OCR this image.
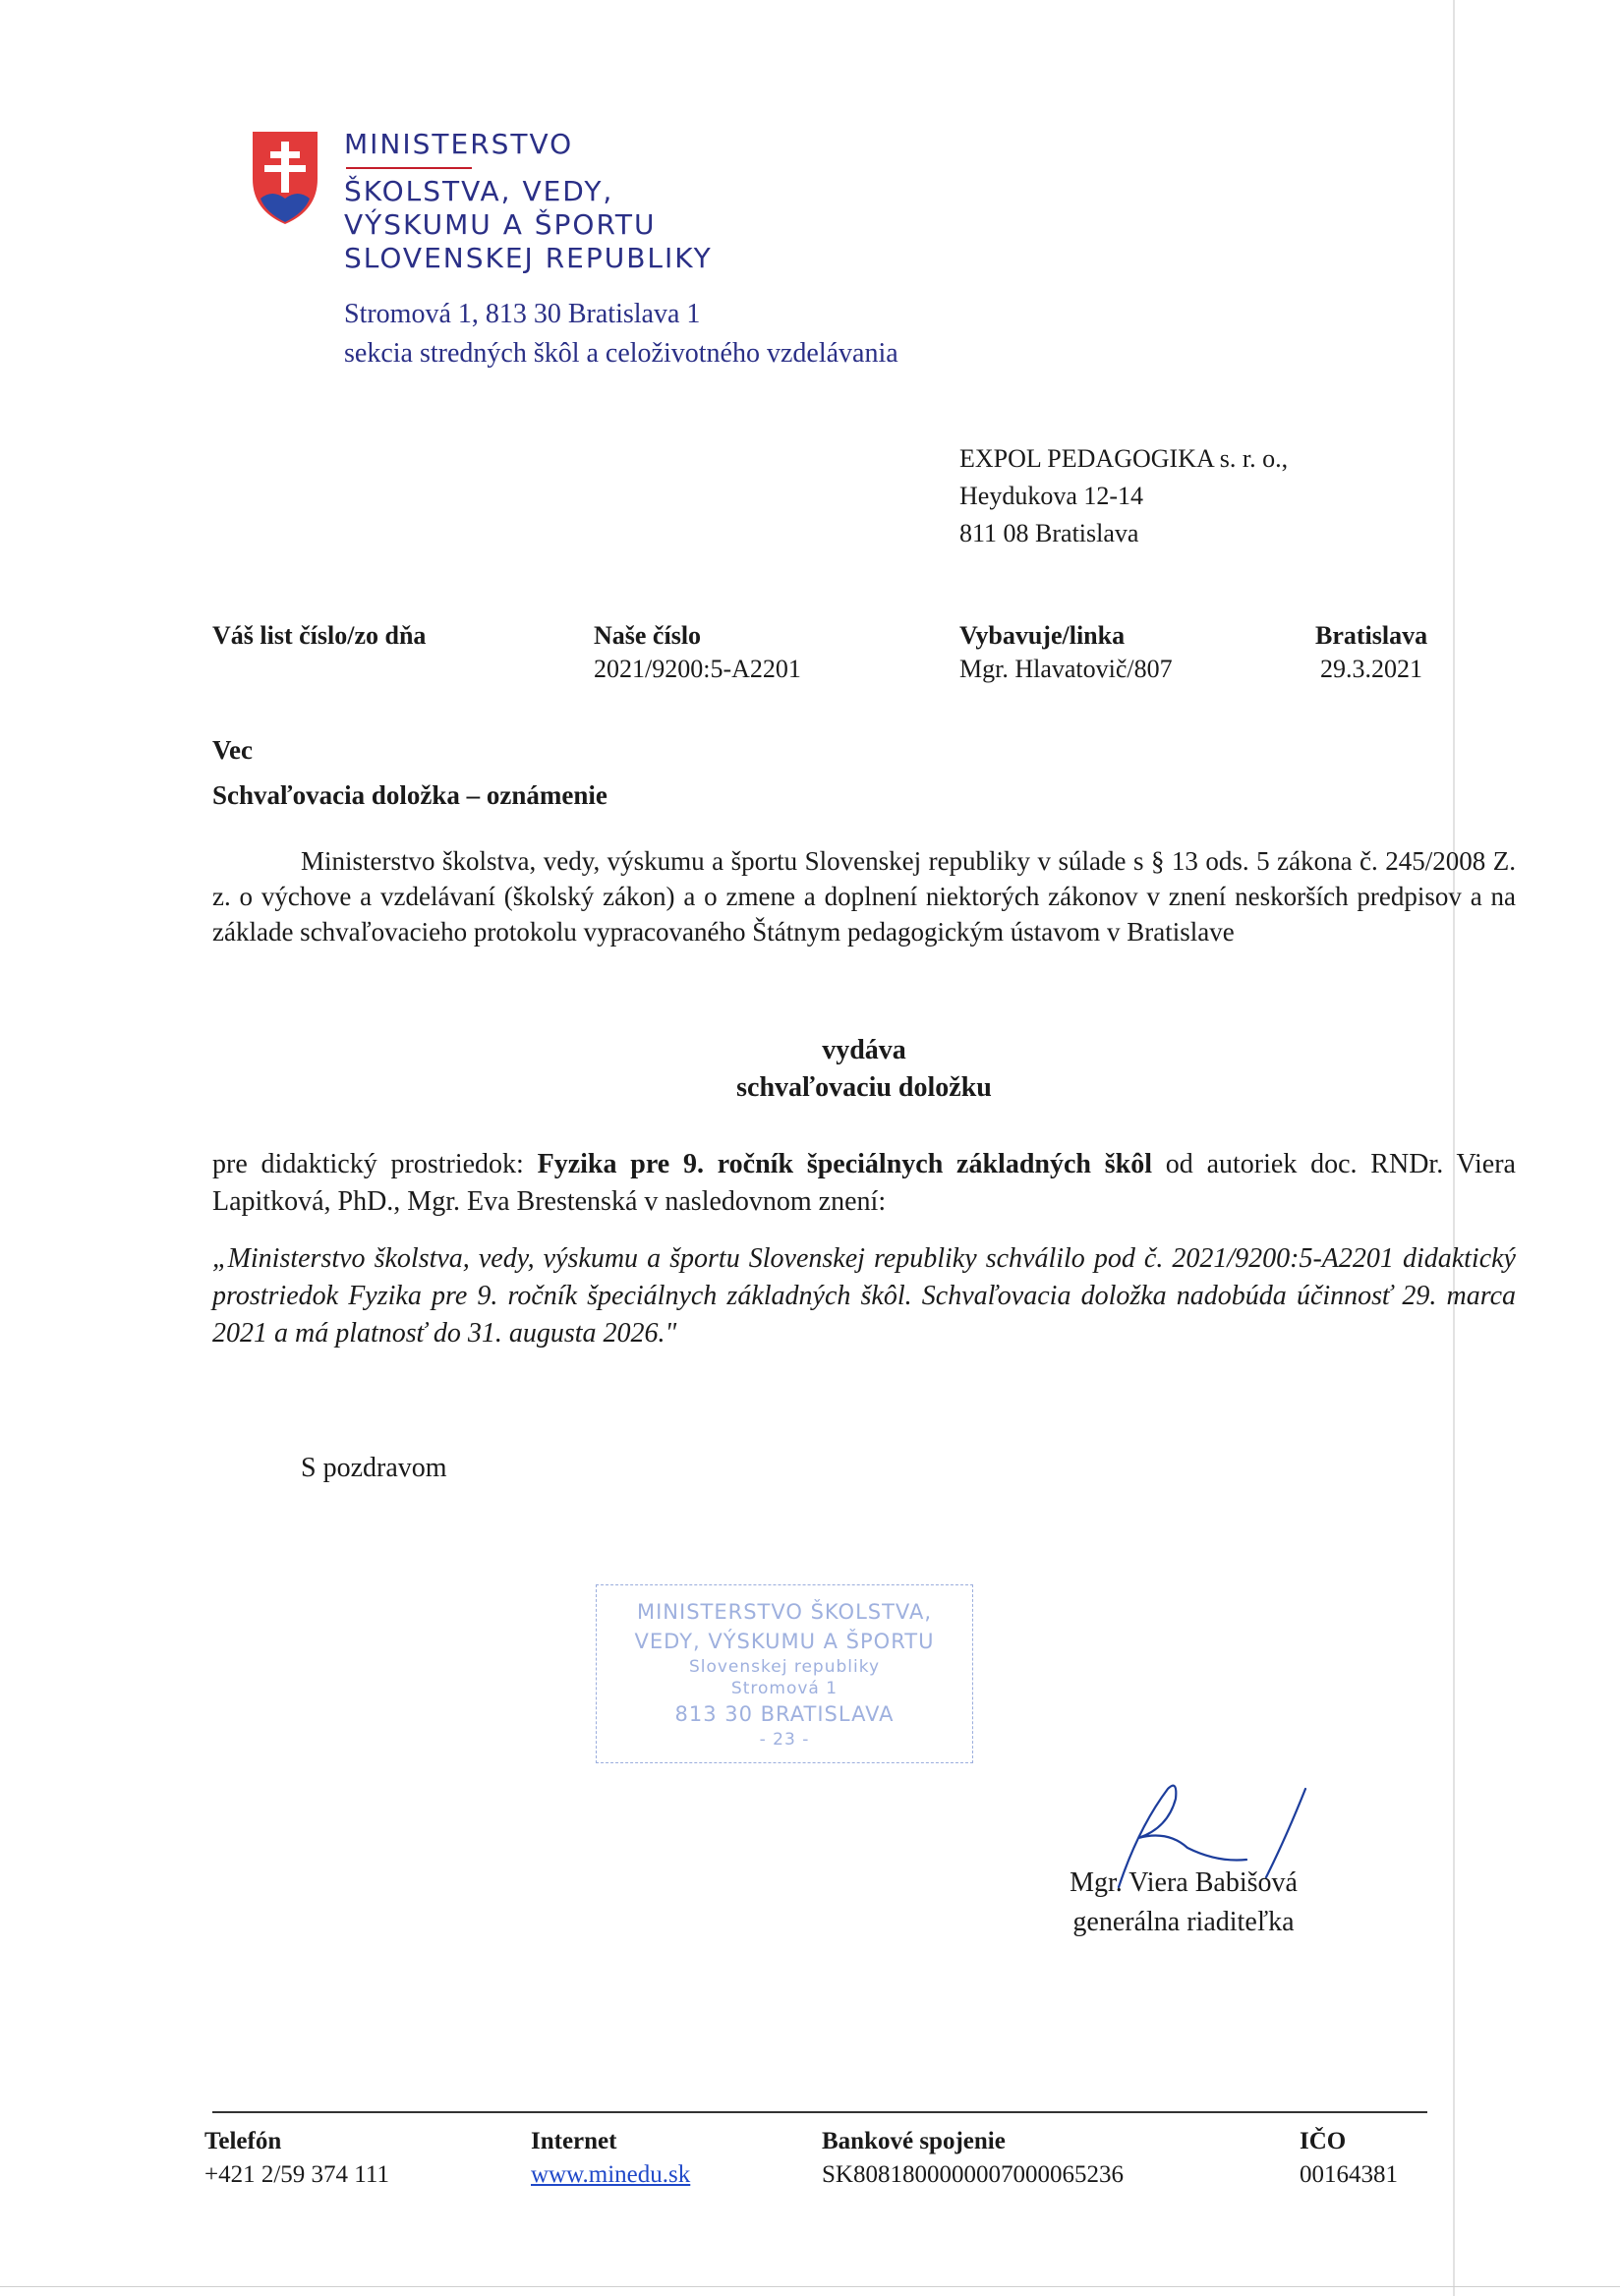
MINISTERSTVO
ŠKOLSTVA, VEDY,
VÝSKUMU A ŠPORTU
SLOVENSKEJ REPUBLIKY
Stromová 1, 813 30 Bratislava 1
sekcia stredných škôl a celoživotného vzdelávania
EXPOL PEDAGOGIKA s. r. o.,
Heydukova 12-14
811 08 Bratislava
Váš list číslo/zo dňa	Naše číslo
2021/9200:5-A2201
Vybavuje/linka
Mgr. Hlavatovič/807
Bratislava
29.3.2021
Vec
Schvaľovacia doložka – oznámenie
Ministerstvo školstva, vedy, výskumu a športu Slovenskej republiky v súlade s § 13 ods. 5 zákona č. 245/2008 Z. z. o výchove a vzdelávaní (školský zákon) a o zmene a doplnení niektorých zákonov v znení neskorších predpisov a na základe schvaľovacieho protokolu vypracovaného Štátnym pedagogickým ústavom v Bratislave
vydáva
schvaľovaciu doložku
pre didaktický prostriedok: Fyzika pre 9. ročník špeciálnych základných škôl od autoriek doc. RNDr. Viera Lapitková, PhD., Mgr. Eva Brestenská v nasledovnom znení:
„Ministerstvo školstva, vedy, výskumu a športu Slovenskej republiky schválilo pod č. 2021/9200:5-A2201 didaktický prostriedok Fyzika pre 9. ročník špeciálnych základných škôl. Schvaľovacia doložka nadobúda účinnosť 29. marca 2021 a má platnosť do 31. augusta 2026."
S pozdravom
MINISTERSTVO ŠKOLSTVA,
VEDY, VÝSKUMU A ŠPORTU
Slovenskej republiky
Stromová 1
813 30 BRATISLAVA
- 23 -
Mgr. Viera Babišová
generálna riaditeľka
Telefón
+421 2/59 374 111
Internet
www.minedu.sk
Bankové spojenie
SK8081800000007000065236
IČO
00164381
